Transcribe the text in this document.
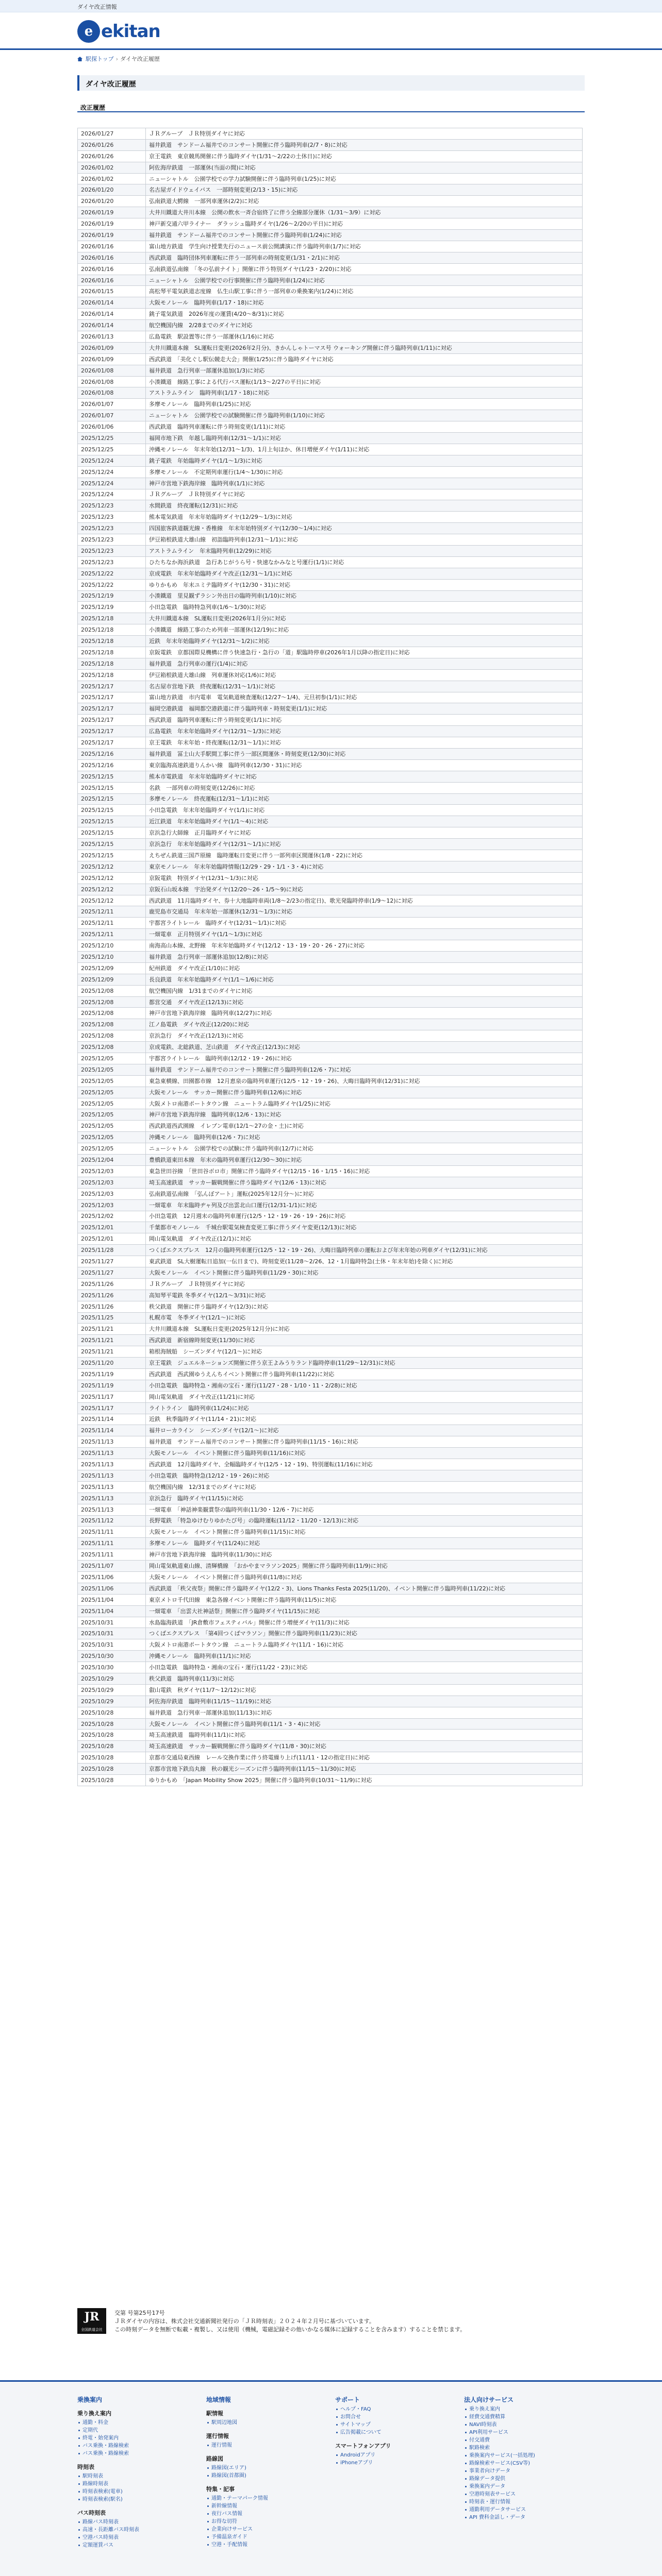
ダイヤ改正情報
e ekitan
駅探トップ › ダイヤ改正履歴
ダイヤ改正履歴
改正履歴
2026/01/27	ＪＲグループ　ＪＲ特別ダイヤに対応
2026/01/26	福井鉄道　サンドーム福井でのコンサート開催に伴う臨時列車(2/7・8)に対応
2026/01/26	京王電鉄　東京競馬開催に伴う臨時ダイヤ(1/31～2/22の土休日)に対応
2026/01/02	阿佐海岸鉄道　一部運休(当面の間)に対応
2026/01/02	ニューシャトル　公園学校での学力試験開催に伴う臨時列車(1/25)に対応
2026/01/20	名古屋ガイドウェイバス　一部時刻変更(2/13・15)に対応
2026/01/20	弘南鉄道大鰐線　一部列車運休(2/2)に対応
2026/01/19	大井川鐵道大井川本線　公開の飲水一斉合宿終了に伴う全線部分運休（1/31～3/9）に対応
2026/01/19	神戸新交通六甲ライナー　ダラッシュ臨時ダイヤ(1/26～2/20の平日)に対応
2026/01/19	福井鉄道　サンドーム福井でのコンサート開催に伴う臨時列車(1/24)に対応
2026/01/16	富山地方鉄道　学生向け授業先行のニュース前公開講演に伴う臨時列車(1/7)に対応
2026/01/16	西武鉄道　臨時団体列車運転に伴う一部列車の時刻変更(1/31・2/1)に対応
2026/01/16	弘南鉄道弘南線　「冬の弘前ナイト」開催に伴う特別ダイヤ(1/23・2/20)に対応
2026/01/16	ニューシャトル　公園学校での行事開催に伴う臨時列車(1/24)に対応
2026/01/15	高松琴平電気鉄道志度線　仏生山駅工事に伴う一部列車の乗換案内(1/24)に対応
2026/01/14	大阪モノレール　臨時列車(1/17・18)に対応
2026/01/14	銚子電気鉄道　2026年度の運賃(4/20～8/31)に対応
2026/01/14	航空機国内線　2/28までのダイヤに対応
2026/01/13	広島電鉄　駅設置等に伴う一部運休(1/16)に対応
2026/01/09	大井川鐵道本線　SL運転日変更(2026年2月分)、きかんしゃトーマス号 ウォーキング開催に伴う臨時列車(1/11)に対応
2026/01/09	西武鉄道　「美化ぐし駅伝競走大会」開催(1/25)に伴う臨時ダイヤに対応
2026/01/08	福井鉄道　急行列車一部運休追加(1/3)に対応
2026/01/08	小湊鐵道　線路工事による代行バス運転(1/13～2/27の平日)に対応
2026/01/08	アストラムライン　臨時列車(1/17・18)に対応
2026/01/07	多摩モノレール　臨時列車(1/25)に対応
2026/01/07	ニューシャトル　公園学校での試験開催に伴う臨時列車(1/10)に対応
2026/01/06	西武鉄道　臨時列車運転に伴う時刻変更(1/11)に対応
2025/12/25	福岡市地下鉄　年越し臨時列車(12/31～1/1)に対応
2025/12/25	沖縄モノレール　年末年始(12/31～1/3)、1月上旬ほか、休日増便ダイヤ(1/11)に対応
2025/12/24	銚子電鉄　年始臨時ダイヤ(1/1～1/3)に対応
2025/12/24	多摩モノレール　不定期列車運行(1/4～1/30)に対応
2025/12/24	神戸市営地下鉄海岸線　臨時列車(1/1)に対応
2025/12/24	ＪＲグループ　ＪＲ特別ダイヤに対応
2025/12/23	水間鉄道　終夜運転(12/31)に対応
2025/12/23	熊本電気鉄道　年末年始臨時ダイヤ(12/29～1/3)に対応
2025/12/23	四国旅客鉄道観光線・香椎線　年末年始特別ダイヤ(12/30～1/4)に対応
2025/12/23	伊豆箱根鉄道大雄山線　初詣臨時列車(12/31～1/1)に対応
2025/12/23	アストラムライン　年末臨時列車(12/29)に対応
2025/12/23	ひたちなか海浜鉄道　急行あじがうら号・快速なかみなと号運行(1/1)に対応
2025/12/22	京成電鉄　年末年始臨時ダイヤ改正(12/31～1/1)に対応
2025/12/22	ゆりかもめ　年末ユミテ臨時ダイヤ(12/30・31)に対応
2025/12/19	小湊鐵道　里見観ずラシン外出日の臨時列車(1/10)に対応
2025/12/19	小田急電鉄　臨時特急列車(1/6～1/30)に対応
2025/12/18	大井川鐵道本線　SL運転日変更(2026年1月分)に対応
2025/12/18	小湊鐵道　線路工事のため列車一部運休(12/19)に対応
2025/12/18	近鉄　年末年始臨時ダイヤ(12/31～1/2)に対応
2025/12/18	京阪電鉄　京都国際見機構に伴う快速急行・急行の「道」駅臨時停車(2026年1月以降の指定日)に対応
2025/12/18	福井鉄道　急行列車の運行(1/4)に対応
2025/12/18	伊豆箱根鉄道大雄山線　列車運休対応(1/6)に対応
2025/12/17	名古屋市営地下鉄　終夜運転(12/31～1/1)に対応
2025/12/17	富山地方鉄道　市内電車　電気軌道検査運転(12/27～1/4)、元旦初参(1/1)に対応
2025/12/17	福岡空港鉄道　福岡都空港鉄道に伴う臨時列車・時刻変更(1/1)に対応
2025/12/17	西武鉄道　臨時列車運転に伴う時刻変更(1/1)に対応
2025/12/17	広島電鉄　年末年始臨時ダイヤ(12/31～1/3)に対応
2025/12/17	京王電鉄　年末年始・終夜運転(12/31～1/1)に対応
2025/12/16	福井鉄道　冨士山大手駅間工事に伴う一部区間運休・時刻変更(12/30)に対応
2025/12/16	東京臨海高速鉄道りんかい線　臨時列車(12/30・31)に対応
2025/12/15	熊本市電鉄道　年末年始臨時ダイヤに対応
2025/12/15	名鉄　一部列車の時刻変更(12/26)に対応
2025/12/15	多摩モノレール　終夜運転(12/31～1/1)に対応
2025/12/15	小田急電鉄　年末年始臨時ダイヤ(1/1)に対応
2025/12/15	近江鉄道　年末年始臨時ダイヤ(1/1～4)に対応
2025/12/15	京浜急行大師線　正月臨時ダイヤに対応
2025/12/15	京浜急行　年末年始臨時ダイヤ(12/31～1/1)に対応
2025/12/15	えちぜん鉄道三国芦原線　臨時運転日変更に伴う一部列車区間運休(1/8・22)に対応
2025/12/12	東京モノレール　年末年始臨時情報(12/29・29・1/1・3・4)に対応
2025/12/12	京阪電鉄　特別ダイヤ(12/31～1/3)に対応
2025/12/12	京阪石山坂本線　宇治発ダイヤ(12/20～26・1/5～9)に対応
2025/12/12	西武鉄道　11月臨時ダイヤ、券十大地臨時車両(1/8～2/23の指定日)、歌光発臨時停車(1/9～12)に対応
2025/12/11	鹿児島市交通局　年末年始一部運休(12/31～1/3)に対応
2025/12/11	宇都宮ライトレール　臨時ダイヤ(12/31～1/1)に対応
2025/12/11	一畑電車　正月特別ダイヤ(1/1～1/3)に対応
2025/12/10	南海高山本線、北野線　年末年始臨時ダイヤ(12/12・13・19・20・26・27)に対応
2025/12/10	福井鉄道　急行列車一部運休追加(12/8)に対応
2025/12/09	紀州鉄道　ダイヤ改正(1/10)に対応
2025/12/09	長良鉄道　年末年始臨時ダイヤ(1/1～1/6)に対応
2025/12/08	航空機国内線　1/31までのダイヤに対応
2025/12/08	都営交通　ダイヤ改正(12/13)に対応
2025/12/08	神戸市営地下鉄海岸線　臨時列車(12/27)に対応
2025/12/08	江ノ島電鉄　ダイヤ改正(12/20)に対応
2025/12/08	京浜急行　ダイヤ改正(12/13)に対応
2025/12/08	京成電鉄、北総鉄道、芝山鉄道　ダイヤ改正(12/13)に対応
2025/12/05	宇都宮ライトレール　臨時列車(12/12・19・26)に対応
2025/12/05	福井鉄道　サンドーム福井でのコンサート開催に伴う臨時列車(12/6・7)に対応
2025/12/05	東急東横線、田園都市線　12月恵泉の臨時列車運行(12/5・12・19・26)、大晦日臨時列車(12/31)に対応
2025/12/05	大阪モノレール　サッカー開催に伴う臨時列車(12/6)に対応
2025/12/05	大阪メトロ南港ポートタウン線　ニュートラム臨時ダイヤ(1/25)に対応
2025/12/05	神戸市営地下鉄海岸線　臨時列車(12/6・13)に対応
2025/12/05	西武鉄道西武園線　イレブン電車(12/1～27の金・土)に対応
2025/12/05	沖縄モノレール　臨時列車(12/6・7)に対応
2025/12/05	ニューシャトル　公園学校での試験に伴う臨時列車(12/7)に対応
2025/12/04	豊橋鉄道東田本線　年末の臨時列車運行(12/30～30)に対応
2025/12/03	東急世田谷線　「世田谷ボロ市」開催に伴う臨時ダイヤ(12/15・16・1/15・16)に対応
2025/12/03	埼玉高速鉄道　サッカー観戦開催に伴う臨時ダイヤ(12/6・13)に対応
2025/12/03	弘南鉄道弘南線　「弘んぼアート」運転(2025年12月分～)に対応
2025/12/03	一畑電車　年末臨時ヂャ列及び出雲北山口運行(12/31-1/1)に対応
2025/12/02	小田急電鉄　12月週末の臨時列車運行(12/5・12・19・26・19・26)に対応
2025/12/01	千葉都市モノレール　千城台駅電気検査変更工事に伴うダイヤ変更(12/13)に対応
2025/12/01	岡山電気軌道　ダイヤ改正(12/1)に対応
2025/11/28	つくばエクスプレス　12月の臨時列車運行(12/5・12・19・26)、大晦日臨時列車の運転および年末年始の列車ダイヤ(12/31)に対応
2025/11/27	東武鉄道　SL大樹運転日追加(一伝日まで)、時刻変更(11/28～2/26、12・1月臨時特急(土休・年末年始)を除く)に対応
2025/11/27	大阪モノレール　イベント開催に伴う臨時列車(11/29・30)に対応
2025/11/26	ＪＲグループ　ＪＲ特別ダイヤに対応
2025/11/26	高知琴平電鉄 冬季ダイヤ(12/1～3/31)に対応
2025/11/26	秩父鉄道　開催に伴う臨時ダイヤ(12/3)に対応
2025/11/25	札幌市電　冬季ダイヤ(12/1～)に対応
2025/11/21	大井川鐵道本線　SL運転日変更(2025年12月分)に対応
2025/11/21	西武鉄道　新宿線時刻変更(11/30)に対応
2025/11/21	箱根海賊船　シーズンダイヤ(12/1～)に対応
2025/11/20	京王電鉄　ジュエルネーションズ開催に伴う京王よみうりランド臨時停車(11/29～12/31)に対応
2025/11/19	西武鉄道　西武園ゆうえんちイベント開催に伴う臨時列車(11/22)に対応
2025/11/19	小田急電鉄　臨時特急・湘南の宝石・運行(11/27・28・1/10・11・2/28)に対応
2025/11/17	岡山電気軌道　ダイヤ改正(11/21)に対応
2025/11/17	ライトライン　臨時列車(11/24)に対応
2025/11/14	近鉄　秋季臨時ダイヤ(11/14・21)に対応
2025/11/14	福井ローカライン　シーズンダイヤ(12/1～)に対応
2025/11/13	福井鉄道　サンドーム福井でのコンサート開催に伴う臨時列車(11/15・16)に対応
2025/11/13	大阪モノレール　イベント開催に伴う臨時列車(11/16)に対応
2025/11/13	西武鉄道　12月臨時ダイヤ、全幅臨時ダイヤ(12/5・12・19)、特別運転(11/16)に対応
2025/11/13	小田急電鉄　臨時特急(12/12・19・26)に対応
2025/11/13	航空機国内線　12/31までのダイヤに対応
2025/11/13	京浜急行　臨時ダイヤ(11/15)に対応
2025/11/13	一畑電車　「神話神楽観賞祭の臨時列車(11/30・12/6・7)に対応
2025/11/12	長野電鉄　「特急ゆけむりゆかたび号」の臨時運転(11/12・11/20・12/13)に対応
2025/11/11	大阪モノレール　イベント開催に伴う臨時列車(11/15)に対応
2025/11/11	多摩モノレール　臨時ダイヤ(11/24)に対応
2025/11/11	神戸市営地下鉄海岸線　臨時列車(11/30)に対応
2025/11/07	岡山電気軌道東山線、清輝橋線　「おかやまマラソン2025」開催に伴う臨時列車(11/9)に対応
2025/11/06	大阪モノレール　イベント開催に伴う臨時列車(11/8)に対応
2025/11/06	西武鉄道　「秩父夜祭」開催に伴う臨時ダイヤ(12/2・3)、Lions Thanks Festa 2025(11/20)、イベント開催に伴う臨時列車(11/22)に対応
2025/11/04	東京メトロ千代田線　東急各線イベント開催に伴う臨時列車(11/5)に対応
2025/11/04	一畑電車　「出雲大社神話祭」開催に伴う臨時ダイヤ(11/15)に対応
2025/10/31	水島臨海鉄道　「JR倉敷市フェスティバル」開催に伴う増便ダイヤ(11/3)に対応
2025/10/31	つくばエクスプレス　「第4回つくばマラソン」開催に伴う臨時列車(11/23)に対応
2025/10/31	大阪メトロ南港ポートタウン線　ニュートラム臨時ダイヤ(11/1・16)に対応
2025/10/30	沖縄モノレール　臨時列車(11/1)に対応
2025/10/30	小田急電鉄　臨時特急・湘南の宝石・運行(11/22・23)に対応
2025/10/29	秩父鉄道　臨時列車(11/3)に対応
2025/10/29	叡山電鉄　秋ダイヤ(11/7～12/12)に対応
2025/10/29	阿佐海岸鉄道　臨時列車(11/15～11/19)に対応
2025/10/28	福井鉄道　急行列車一部運休追加(11/13)に対応
2025/10/28	大阪モノレール　イベント開催に伴う臨時列車(11/1・3・4)に対応
2025/10/28	埼玉高速鉄道　臨時列車(11/1)に対応
2025/10/28	埼玉高速鉄道　サッカー観戦開催に伴う臨時ダイヤ(11/8・30)に対応
2025/10/28	京都市交通局東西線　レール交換作業に伴う終電繰り上げ(11/11・12の指定日)に対応
2025/10/28	京都市営地下鉄烏丸線　秋の観光シーズンに伴う臨時列車(11/15～11/30)に対応
2025/10/28	ゆりかもめ　「Japan Mobility Show 2025」開催に伴う臨時列車(10/31～11/9)に対応
JR
全国鉄道会社
交第 号第25号17号
ＪＲダイヤの内容は、株式会社交通新聞社発行の「ＪＲ時刻表」２０２４年２月号に基づいています。
この時刻データを無断で転載・複製し、又は使用（機械，電磁記録その他いかなる媒体に記録することを含みます）することを禁じます。
乗換案内
乗り換え案内
通勤・料金
定期代
終電・始発案内
バス乗換・路線検索
バス乗換・路線検索
時刻表
駅時刻表
路線時刻表
時刻表検索(電車)
時刻表検索(駅名)
バス時刻表
路線バス時刻表
高速・長距離バス時刻表
空港バス時刻表
定額運賃バス
地域情報
駅情報
駅周辺地図
運行情報
運行情報
路線図
路線図(エリア)
路線図(首都圏)
特集・記事
通勤・テーマパーク情報
新幹線情報
夜行バス情報
お得な切符
企業向けサービス
予備温泉ガイド
空港・手配情報
サポート
ヘルプ・FAQ
お問合せ
サイトマップ
広告掲載について
スマートフォンアプリ
Androidアプリ
iPhoneアプリ
法人向けサービス
乗り換え案内
経費交通費精算
NAVI時刻表
API利用サービス
付交通費
駅路検索
乗換案内サービス(一括処理)
路線検索サービス(CSV等)
事業者向けデータ
路線データ提供
乗換案内データ
空港時刻表サービス
時刻表・運行情報
通勤利用データサービス
API 費科金話し・データ
